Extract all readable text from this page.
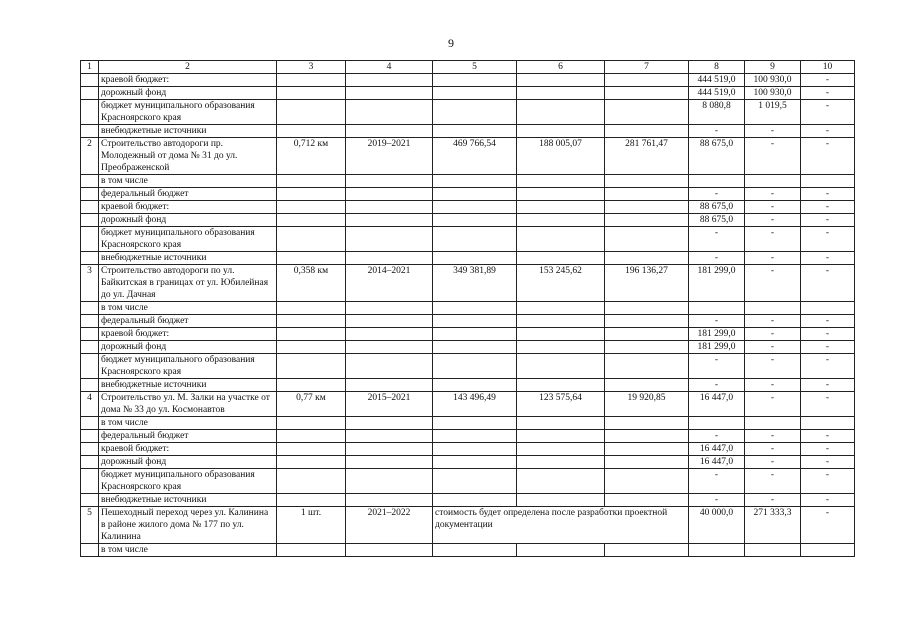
9
1	2	3	4	5	6	7	8	9	10
	краевой бюджет:						444 519,0	100 930,0	-
	дорожный фонд						444 519,0	100 930,0	-
	бюджет муниципального образования Красноярского края						8 080,8	1 019,5	-
	внебюджетные источники						-	-	-
2	Строительство автодороги пр. Молодежный от дома № 31 до ул. Преображенской	0,712 км	2019–2021	469 766,54	188 005,07	281 761,47	88 675,0	-	-
	в том числе								
	федеральный бюджет						-	-	-
	краевой бюджет:						88 675,0	-	-
	дорожный фонд						88 675,0	-	-
	бюджет муниципального образования Красноярского края						-	-	-
	внебюджетные источники						-	-	-
3	Строительство автодороги по ул. Байкитская в границах от ул. Юбилейная до ул. Дачная	0,358 км	2014–2021	349 381,89	153 245,62	196 136,27	181 299,0	-	-
	в том числе								
	федеральный бюджет						-	-	-
	краевой бюджет:						181 299,0	-	-
	дорожный фонд						181 299,0	-	-
	бюджет муниципального образования Красноярского края						-	-	-
	внебюджетные источники						-	-	-
4	Строительство ул. М. Залки на участке от дома № 33 до ул. Космонавтов	0,77 км	2015–2021	143 496,49	123 575,64	19 920,85	16 447,0	-	-
	в том числе								
	федеральный бюджет						-	-	-
	краевой бюджет:						16 447,0	-	-
	дорожный фонд						16 447,0	-	-
	бюджет муниципального образования Красноярского края						-	-	-
	внебюджетные источники						-	-	-
5	Пешеходный переход через ул. Калинина в районе жилого дома № 177 по ул. Калинина	1 шт.	2021–2022	стоимость будет определена после разработки проектной документации			40 000,0	271 333,3	-
	в том числе								
